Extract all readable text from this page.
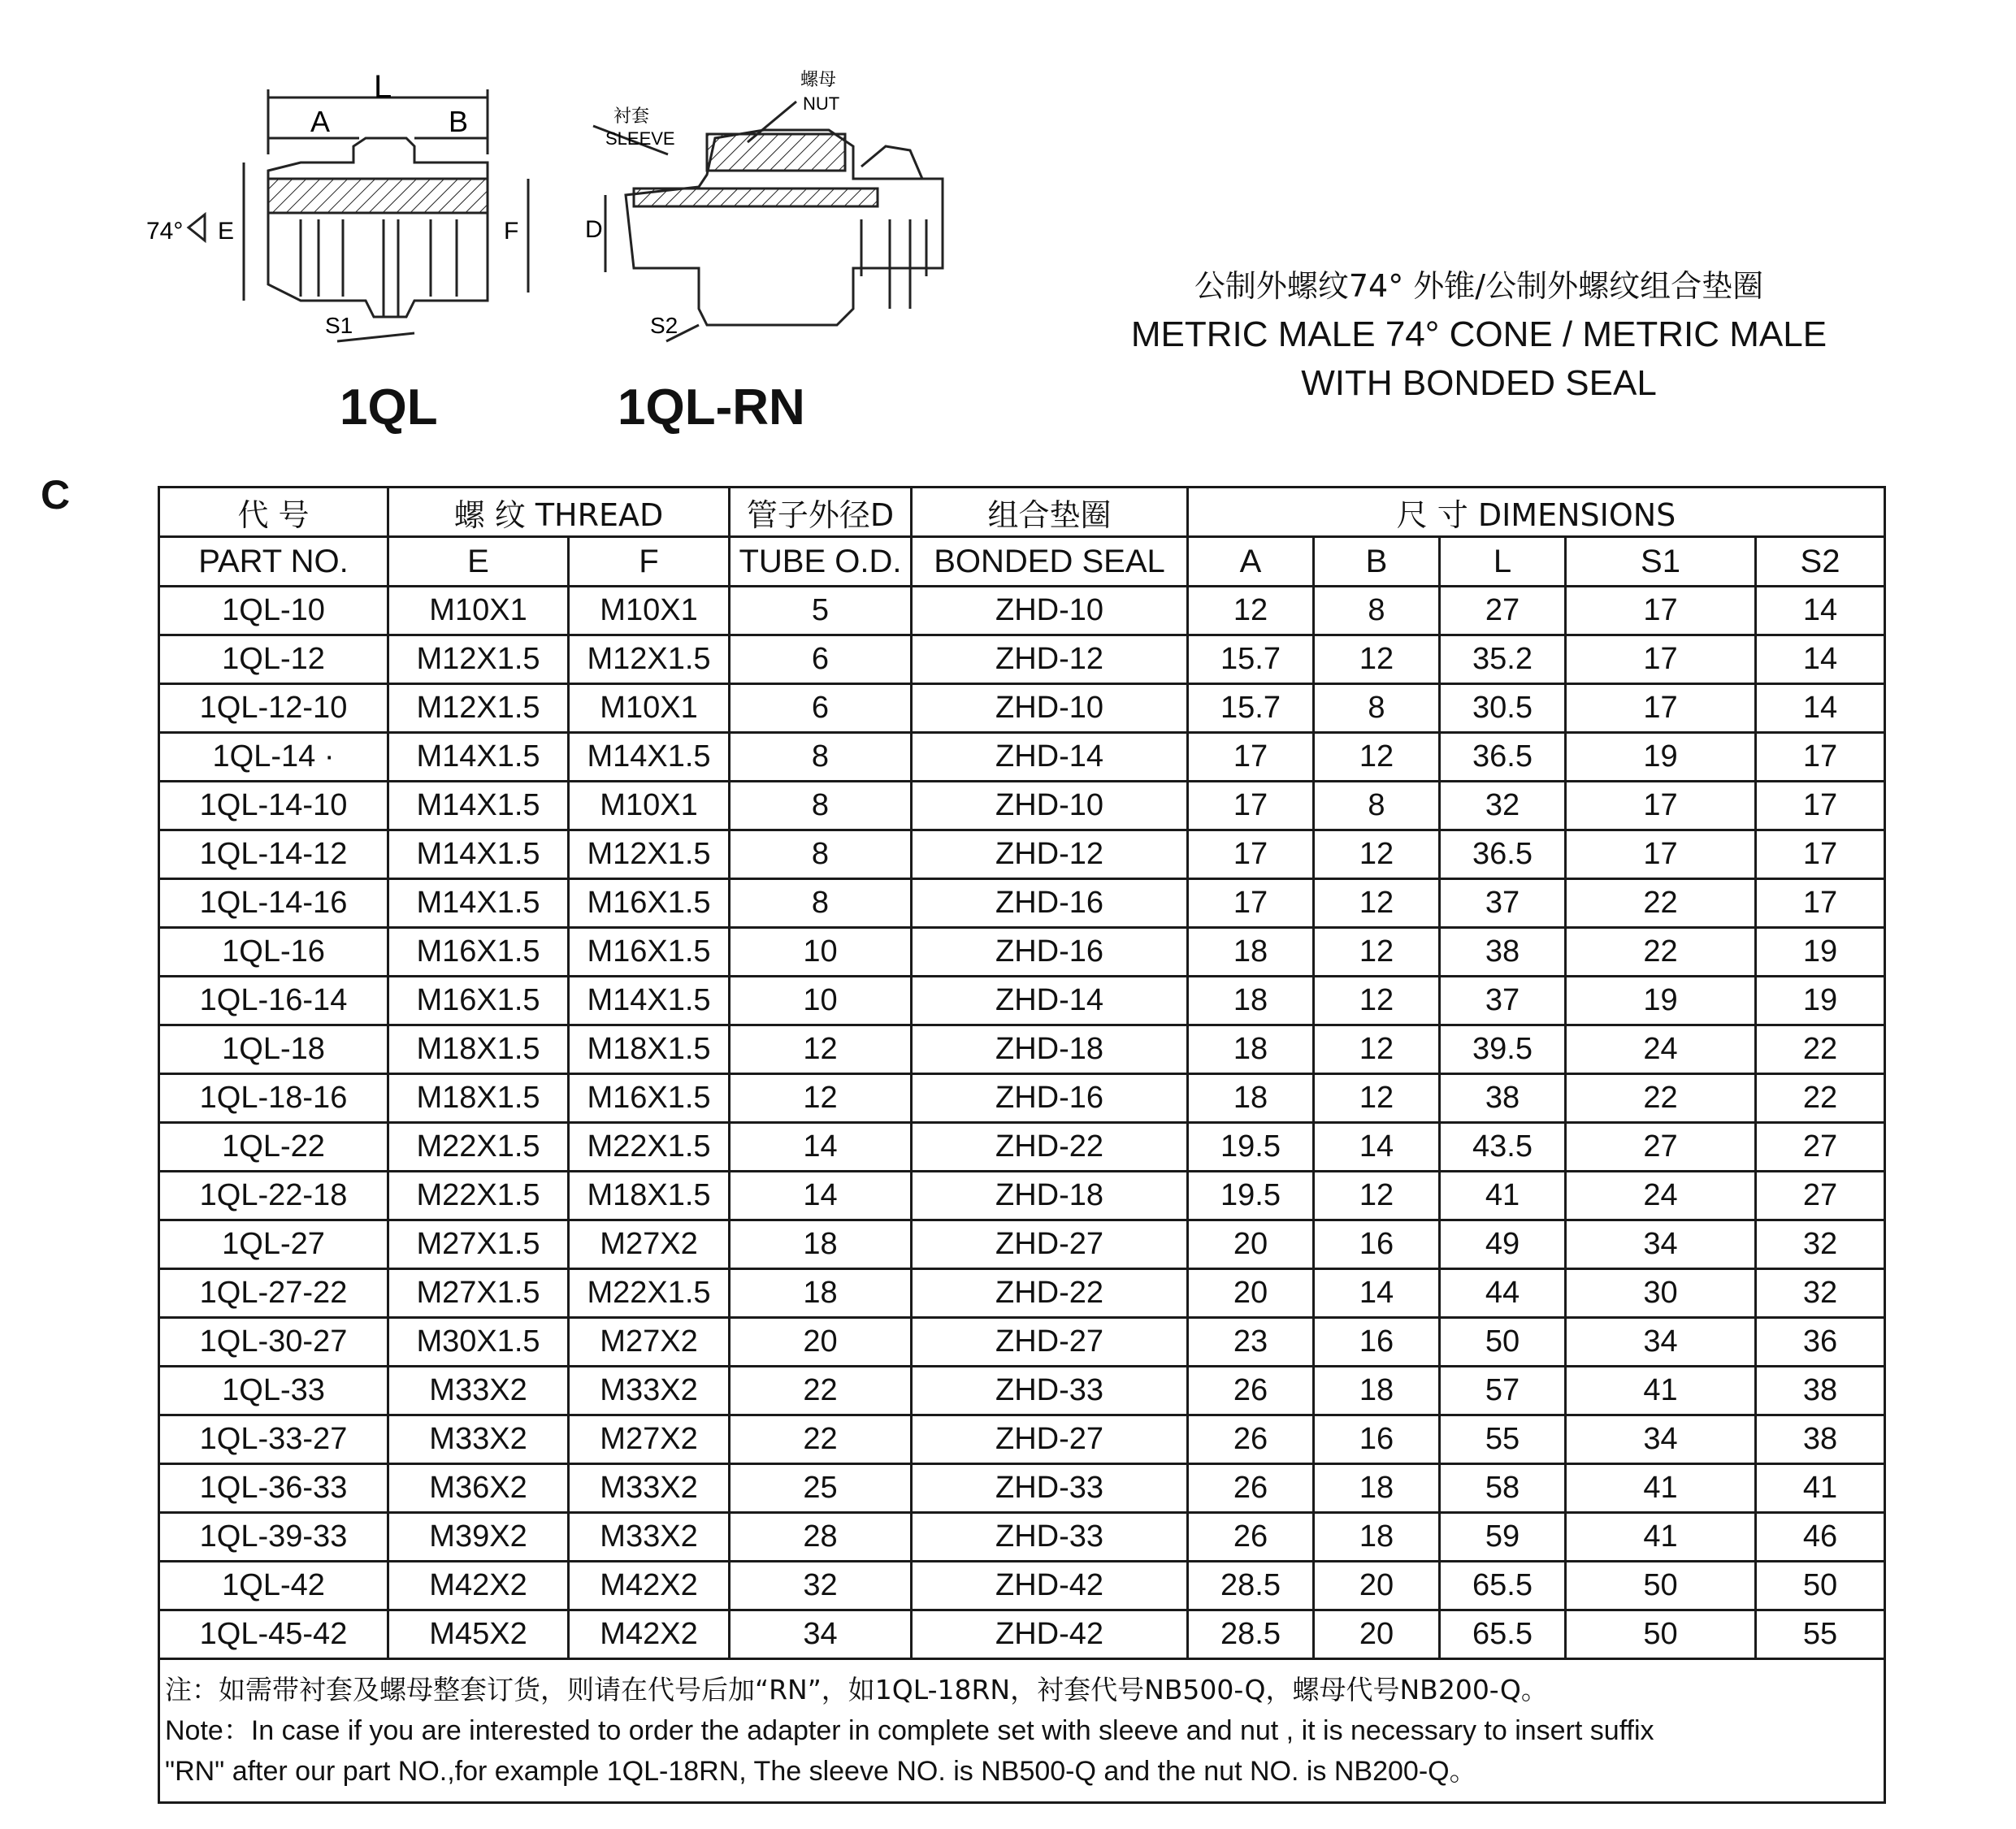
L
A	B
74° E	F
S1
螺母
NUT
衬套
SLEEVE
D
S2
1QL	1QL-RN
公制外螺纹74° 外锥/公制外螺纹组合垫圈
METRIC MALE 74° CONE / METRIC MALE
WITH BONDED SEAL
C	代 号	螺 纹 THREAD		管子外径D	组合垫圈	尺 寸 DIMENSIONS				
PART NO.	E	F	TUBE O.D.	BONDED SEAL	A	B	L	S1	S2
1QL-10	M10X1	M10X1	5	ZHD-10	12	8	27	17	14
1QL-12	M12X1.5	M12X1.5	6	ZHD-12	15.7	12	35.2	17	14
1QL-12-10	M12X1.5	M10X1	6	ZHD-10	15.7	8	30.5	17	14
1QL-14 ·	M14X1.5	M14X1.5	8	ZHD-14	17	12	36.5	19	17
1QL-14-10	M14X1.5	M10X1	8	ZHD-10	17	8	32	17	17
1QL-14-12	M14X1.5	M12X1.5	8	ZHD-12	17	12	36.5	17	17
1QL-14-16	M14X1.5	M16X1.5	8	ZHD-16	17	12	37	22	17
1QL-16	M16X1.5	M16X1.5	10	ZHD-16	18	12	38	22	19
1QL-16-14	M16X1.5	M14X1.5	10	ZHD-14	18	12	37	19	19
1QL-18	M18X1.5	M18X1.5	12	ZHD-18	18	12	39.5	24	22
1QL-18-16	M18X1.5	M16X1.5	12	ZHD-16	18	12	38	22	22
1QL-22	M22X1.5	M22X1.5	14	ZHD-22	19.5	14	43.5	27	27
1QL-22-18	M22X1.5	M18X1.5	14	ZHD-18	19.5	12	41	24	27
1QL-27	M27X1.5	M27X2	18	ZHD-27	20	16	49	34	32
1QL-27-22	M27X1.5	M22X1.5	18	ZHD-22	20	14	44	30	32
1QL-30-27	M30X1.5	M27X2	20	ZHD-27	23	16	50	34	36
1QL-33	M33X2	M33X2	22	ZHD-33	26	18	57	41	38
1QL-33-27	M33X2	M27X2	22	ZHD-27	26	16	55	34	38
1QL-36-33	M36X2	M33X2	25	ZHD-33	26	18	58	41	41
1QL-39-33	M39X2	M33X2	28	ZHD-33	26	18	59	41	46
1QL-42	M42X2	M42X2	32	ZHD-42	28.5	20	65.5	50	50
1QL-45-42	M45X2	M42X2	34	ZHD-42	28.5	20	65.5	50	55

注：如需带衬套及螺母整套订货，则请在代号后加“RN”，如1QL-18RN，衬套代号NB500-Q，螺母代号NB200-Q。
Note：In case if you are interested to order the adapter in complete set with sleeve and nut , it is necessary to insert suffix
"RN" after our part NO.,for example 1QL-18RN, The sleeve NO. is NB500-Q and the nut NO. is NB200-Q。									
